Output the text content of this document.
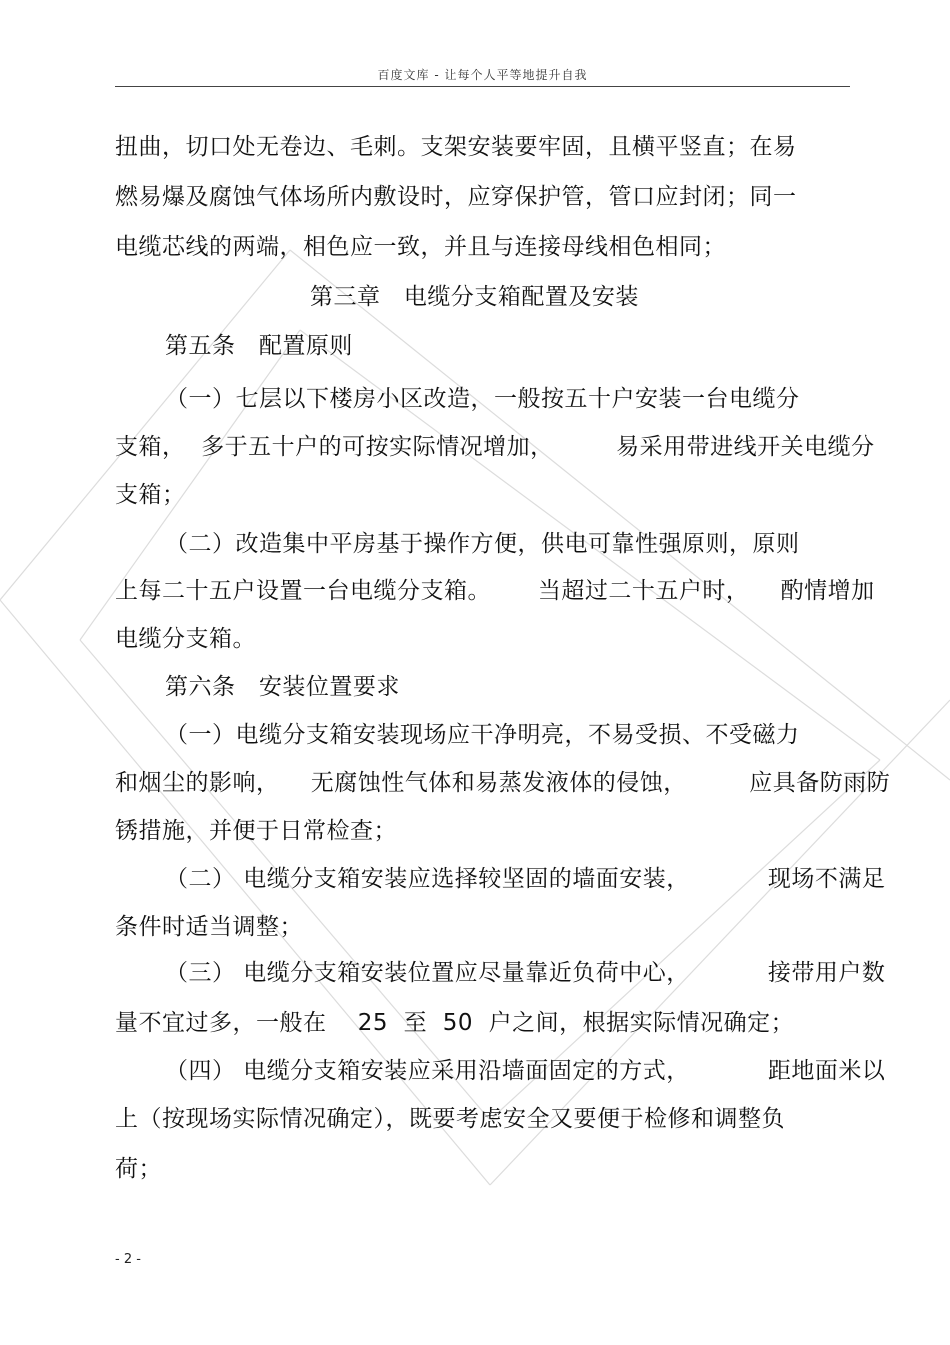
百度文库 - 让每个人平等地提升自我
扭曲，切口处无卷边、毛刺。支架安装要牢固，且横平竖直；在易
燃易爆及腐蚀气体场所内敷设时，应穿保护管，管口应封闭；同一
电缆芯线的两端，相色应一致，并且与连接母线相色相同；
第三章   电缆分支箱配置及安装
第五条   配置原则
（一）七层以下楼房小区改造，一般按五十户安装一台电缆分
支箱，  多于五十户的可按实际情况增加，        易采用带进线开关电缆分
支箱；
（二）改造集中平房基于操作方便，供电可靠性强原则，原则
上每二十五户设置一台电缆分支箱。      当超过二十五户时，    酌情增加
电缆分支箱。
第六条   安装位置要求
（一）电缆分支箱安装现场应干净明亮，不易受损、不受磁力
和烟尘的影响，    无腐蚀性气体和易蒸发液体的侵蚀，        应具备防雨防
锈措施，并便于日常检查；
（二） 电缆分支箱安装应选择较坚固的墙面安装，          现场不满足
条件时适当调整；
（三） 电缆分支箱安装位置应尽量靠近负荷中心，          接带用户数
量不宜过多，一般在    25  至  50  户之间，根据实际情况确定；
（四） 电缆分支箱安装应采用沿墙面固定的方式，          距地面米以
上（按现场实际情况确定），既要考虑安全又要便于检修和调整负
荷；
- 2 -
